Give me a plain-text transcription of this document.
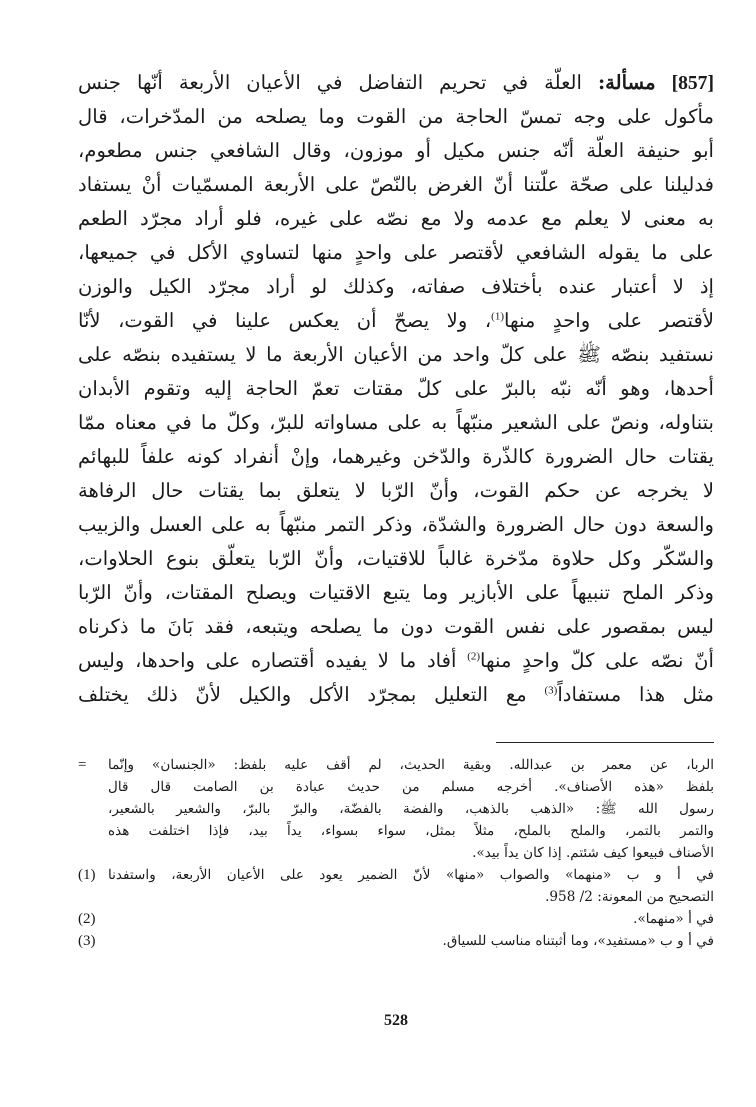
[857] مسألة: العلّة في تحريم التفاضل في الأعيان الأربعة أنّها جنس
مأكول على وجه تمسّ الحاجة من القوت وما يصلحه من المدّخرات، قال
أبو حنيفة العلّة أنّه جنس مكيل أو موزون، وقال الشافعي جنس مطعوم،
فدليلنا على صحّة علّتنا أنّ الغرض بالنّصّ على الأربعة المسمّيات أنْ يستفاد
به معنى لا يعلم مع عدمه ولا مع نصّه على غيره، فلو أراد مجرّد الطعم
على ما يقوله الشافعي لأقتصر على واحدٍ منها لتساوي الأكل في جميعها،
إذ لا أعتبار عنده بأختلاف صفاته، وكذلك لو أراد مجرّد الكيل والوزن
لأقتصر على واحدٍ منها$^{(1)}$، ولا يصحّ أن يعكس علينا في القوت، لأنّا
نستفيد بنصّه ﷺ على كلّ واحد من الأعيان الأربعة ما لا يستفيده بنصّه على
أحدها، وهو أنّه نبّه بالبرّ على كلّ مقتات تعمّ الحاجة إليه وتقوم الأبدان
بتناوله، ونصّ على الشعير منبّهاً به على مساواته للبرّ، وكلّ ما في معناه ممّا
يقتات حال الضرورة كالذّرة والدّخن وغيرهما، وإنْ أنفراد كونه علفاً للبهائم
لا يخرجه عن حكم القوت، وأنّ الرّبا لا يتعلق بما يقتات حال الرفاهة
والسعة دون حال الضرورة والشدّة، وذكر التمر منبّهاً به على العسل والزبيب
والسّكّر وكل حلاوة مدّخرة غالباً للاقتيات، وأنّ الرّبا يتعلّق بنوع الحلاوات،
وذكر الملح تنبيهاً على الأبازير وما يتبع الاقتيات ويصلح المقتات، وأنّ الرّبا
ليس بمقصور على نفس القوت دون ما يصلحه ويتبعه، فقد بَانَ ما ذكرناه
أنّ نصّه على كلّ واحدٍ منها$^{(2)}$ أفاد ما لا يفيده أقتصاره على واحدها، وليس
مثل هذا مستفاداً$^{(3)}$ مع التعليل بمجرّد الأكل والكيل لأنّ ذلك يختلف
الربا، عن معمر بن عبدالله. وبقية الحديث، لم أقف عليه بلفظ: «الجنسان» وإنّما
بلفظ «هذه الأصناف». أخرجه مسلم من حديث عبادة بن الصامت قال قال
رسول الله ﷺ: «الذهب بالذهب، والفضة بالفضّة، والبرّ بالبرّ، والشعير بالشعير،
والتمر بالتمر، والملح بالملح، مثلاً بمثل، سواء بسواء، يداً بيد، فإذا اختلفت هذه
الأصناف فبيعوا كيف شئتم. إذا كان يداً بيد».
=
في أ و ب «منهما» والصواب «منها» لأنّ الضمير يعود على الأعيان الأربعة، واستفدنا
التصحيح من المعونة: 2/ 958.
(1)
في أ «منهما».
(2)
في أ و ب «مستفيد»، وما أثبتناه مناسب للسياق.
(3)
528
